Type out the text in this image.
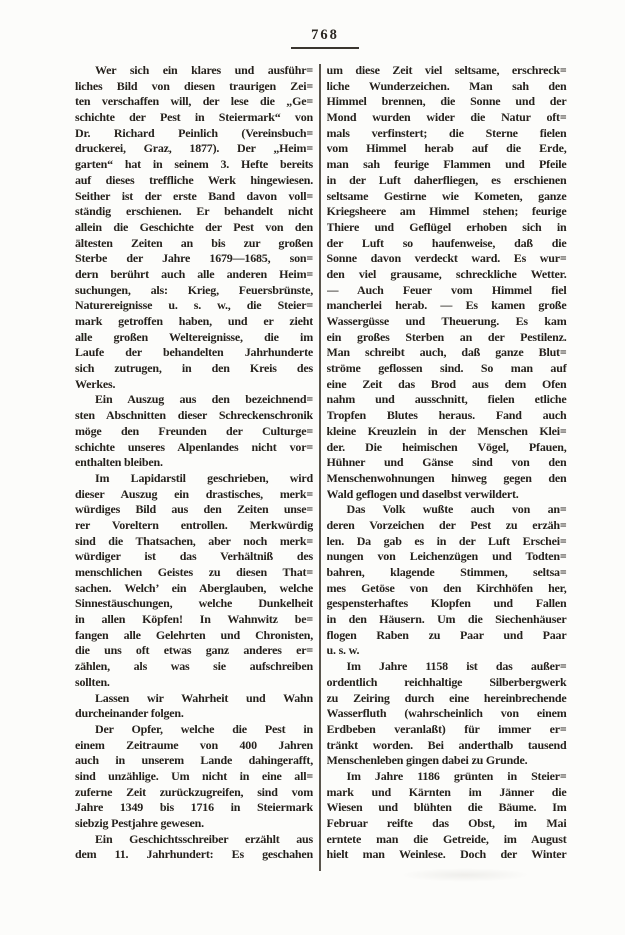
768
Wer sich ein klares und ausführ=
liches Bild von diesen traurigen Zei=
ten verschaffen will, der lese die „Ge=
schichte der Pest in Steiermark“ von
Dr. Richard Peinlich (Vereinsbuch=
druckerei, Graz, 1877). Der „Heim=
garten“ hat in seinem 3. Hefte bereits
auf dieses treffliche Werk hingewiesen.
Seither ist der erste Band davon voll=
ständig erschienen. Er behandelt nicht
allein die Geschichte der Pest von den
ältesten Zeiten an bis zur großen
Sterbe der Jahre 1679—1685, son=
dern berührt auch alle anderen Heim=
suchungen, als: Krieg, Feuersbrünste,
Naturereignisse u. s. w., die Steier=
mark getroffen haben, und er zieht
alle großen Weltereignisse, die im
Laufe der behandelten Jahrhunderte
sich zutrugen, in den Kreis des
Werkes.
Ein Auszug aus den bezeichnend=
sten Abschnitten dieser Schreckenschronik
möge den Freunden der Culturge=
schichte unseres Alpenlandes nicht vor=
enthalten bleiben.
Im Lapidarstil geschrieben, wird
dieser Auszug ein drastisches, merk=
würdiges Bild aus den Zeiten unse=
rer Voreltern entrollen. Merkwürdig
sind die Thatsachen, aber noch merk=
würdiger ist das Verhältniß des
menschlichen Geistes zu diesen That=
sachen. Welch’ ein Aberglauben, welche
Sinnestäuschungen, welche Dunkelheit
in allen Köpfen! In Wahnwitz be=
fangen alle Gelehrten und Chronisten,
die uns oft etwas ganz anderes er=
zählen, als was sie aufschreiben
sollten.
Lassen wir Wahrheit und Wahn
durcheinander folgen.
Der Opfer, welche die Pest in
einem Zeitraume von 400 Jahren
auch in unserem Lande dahingerafft,
sind unzählige. Um nicht in eine all=
zuferne Zeit zurückzugreifen, sind vom
Jahre 1349 bis 1716 in Steiermark
siebzig Pestjahre gewesen.
Ein Geschichtsschreiber erzählt aus
dem 11. Jahrhundert: Es geschahen
um diese Zeit viel seltsame, erschreck=
liche Wunderzeichen. Man sah den
Himmel brennen, die Sonne und der
Mond wurden wider die Natur oft=
mals verfinstert; die Sterne fielen
vom Himmel herab auf die Erde,
man sah feurige Flammen und Pfeile
in der Luft daherfliegen, es erschienen
seltsame Gestirne wie Kometen, ganze
Kriegsheere am Himmel stehen; feurige
Thiere und Geflügel erhoben sich in
der Luft so haufenweise, daß die
Sonne davon verdeckt ward. Es wur=
den viel grausame, schreckliche Wetter.
— Auch Feuer vom Himmel fiel
mancherlei herab. — Es kamen große
Wassergüsse und Theuerung. Es kam
ein großes Sterben an der Pestilenz.
Man schreibt auch, daß ganze Blut=
ströme geflossen sind. So man auf
eine Zeit das Brod aus dem Ofen
nahm und ausschnitt, fielen etliche
Tropfen Blutes heraus. Fand auch
kleine Kreuzlein in der Menschen Klei=
der. Die heimischen Vögel, Pfauen,
Hühner und Gänse sind von den
Menschenwohnungen hinweg gegen den
Wald geflogen und daselbst verwildert.
Das Volk wußte auch von an=
deren Vorzeichen der Pest zu erzäh=
len. Da gab es in der Luft Erschei=
nungen von Leichenzügen und Todten=
bahren, klagende Stimmen, seltsa=
mes Getöse von den Kirchhöfen her,
gespensterhaftes Klopfen und Fallen
in den Häusern. Um die Siechenhäuser
flogen Raben zu Paar und Paar
u. s. w.
Im Jahre 1158 ist das außer=
ordentlich reichhaltige Silberbergwerk
zu Zeiring durch eine hereinbrechende
Wasserfluth (wahrscheinlich von einem
Erdbeben veranlaßt) für immer er=
tränkt worden. Bei anderthalb tausend
Menschenleben gingen dabei zu Grunde.
Im Jahre 1186 grünten in Steier=
mark und Kärnten im Jänner die
Wiesen und blühten die Bäume. Im
Februar reifte das Obst, im Mai
erntete man die Getreide, im August
hielt man Weinlese. Doch der Winter
